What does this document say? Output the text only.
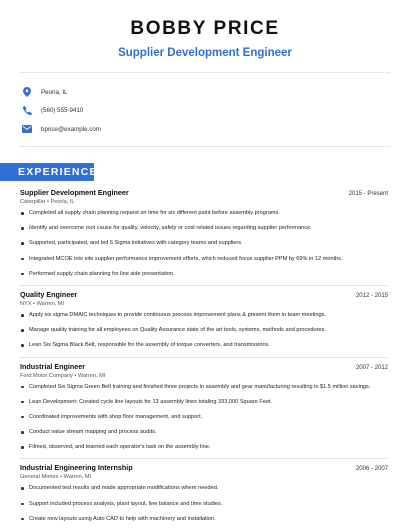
BOBBY PRICE
Supplier Development Engineer
Peoria, IL
(560) 555-9410
bprice@example.com
EXPERIENCE
Supplier Development Engineer	2015 - Present
Caterpillar • Peoria, IL
Completed all supply chain planning request on time for six different paint before assembly programs.
Identify and overcome root cause for quality, velocity, safety or cost related issues regarding supplier performance.
Supported, participated, and led 6 Sigma initiatives with category teams and suppliers.
Integrated MCOE into site supplier performance improvement efforts, which reduced focus supplier PPM by 69% in 12 months.
Performed supply chain planning for line side presentation.
Quality Engineer	2012 - 2015
NYX • Warren, MI
Apply six sigma DMAIC techniques to provide continuous process improvement plans & present them in team meetings.
Manage quality training for all employees on Quality Assurance state of the art tools, systems, methods and procedures.
Lean Six Sigma Black Belt, responsible for the assembly of torque converters, and transmissions.
Industrial Engineer	2007 - 2012
Ford Motor Company • Warren, MI
Completed Six Sigma Green Belt training and finished three projects in assembly and gear manufacturing resulting in $1.5 million savings.
Lean Development: Created cycle line layouts for 13 assembly lines totaling 333,000 Square Feet.
Coordinated improvements with shop floor management, and support.
Conduct value stream mapping and process audits.
Filmed, observed, and learned each operator's task on the assembly line.
Industrial Engineering Internship	2006 - 2007
General Motors • Warren, MI
Documented test results and made appropriate modifications where needed.
Support included process analysis, plant layout, line balance and time studies.
Create new layouts using Auto CAD to help with machinery and installation.
